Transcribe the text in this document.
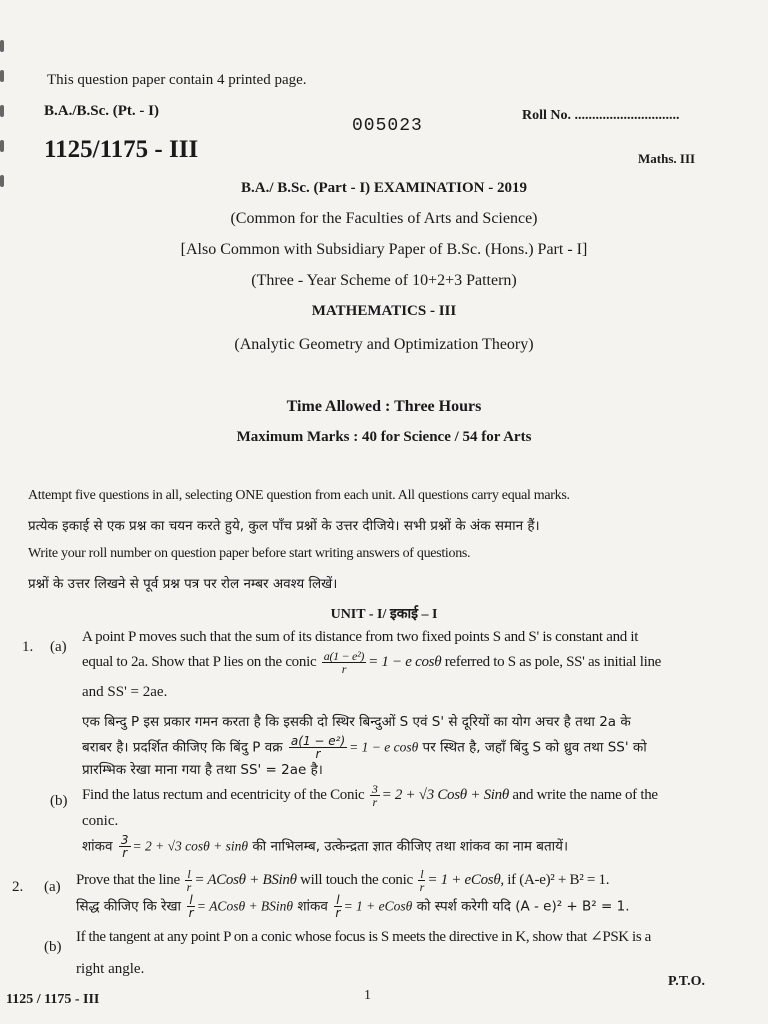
This question paper contain 4 printed page.
B.A./B.Sc. (Pt. - I)
005023
Roll No. ..............................
1125/1175 - III	Maths. III
B.A./ B.Sc. (Part - I) EXAMINATION - 2019
(Common for the Faculties of Arts and Science)
[Also Common with Subsidiary Paper of B.Sc. (Hons.) Part - I]
(Three - Year Scheme of 10+2+3 Pattern)
MATHEMATICS - III
(Analytic Geometry and Optimization Theory)
Time Allowed : Three Hours
Maximum Marks : 40 for Science / 54 for Arts
Attempt five questions in all, selecting ONE question from each unit. All questions carry equal marks.
प्रत्येक इकाई से एक प्रश्न का चयन करते हुये, कुल पाँच प्रश्नों के उत्तर दीजिये। सभी प्रश्नों के अंक समान हैं।
Write your roll number on question paper before start writing answers of questions.
प्रश्नों के उत्तर लिखने से पूर्व प्रश्न पत्र पर रोल नम्बर अवश्य लिखें।
UNIT - I/ इकाई – I
1. (a)
A point P moves such that the sum of its distance from two fixed points S and S' is constant and it
equal to 2a. Show that P lies on the conic $\frac{\text{a(1 − e²)}}{r} = 1 - e$ cosθ referred to S as pole, SS' as initial line
and SS' = 2ae.
एक बिन्दु P इस प्रकार गमन करता है कि इसकी दो स्थिर बिन्दुओं S एवं S' से दूरियों का योग अचर है तथा 2a के
बराबर है। प्रदर्शित कीजिए कि बिंदु P वक्र $\frac{\text{a(1 − e²)}}{r} = 1 - e$ cosθ पर स्थित है, जहाँ बिंदु S को ध्रुव तथा SS' को
प्रारम्भिक रेखा माना गया है तथा SS' = 2ae है।
(b) Find the latus rectum and ecentricity of the Conic $\frac{3}{r} = 2 + √3$ Cosθ + Sinθ and write the name of the
conic.
शांकव $\frac{3}{r} = 2 + √3$ cosθ + sinθ की नाभिलम्ब, उत्केन्द्रता ज्ञात कीजिए तथा शांकव का नाम बतायें।
2. (a) Prove that the line $\frac{l}{r}$ = ACosθ + BSinθ will touch the conic $\frac{l}{r} = 1$ + eCosθ, if (A-e)² + B² = 1.
सिद्ध कीजिए कि रेखा $\frac{l}{r}$ = ACosθ + BSinθ शांकव $\frac{l}{r} = 1$ + eCosθ को स्पर्श करेगी यदि (A - e)² + B² = 1.
(b)
If the tangent at any point P on a conic whose focus is S meets the directive in K, show that ∠PSK is a
right angle.
P.T.O.
1125 / 1175 - III	1
